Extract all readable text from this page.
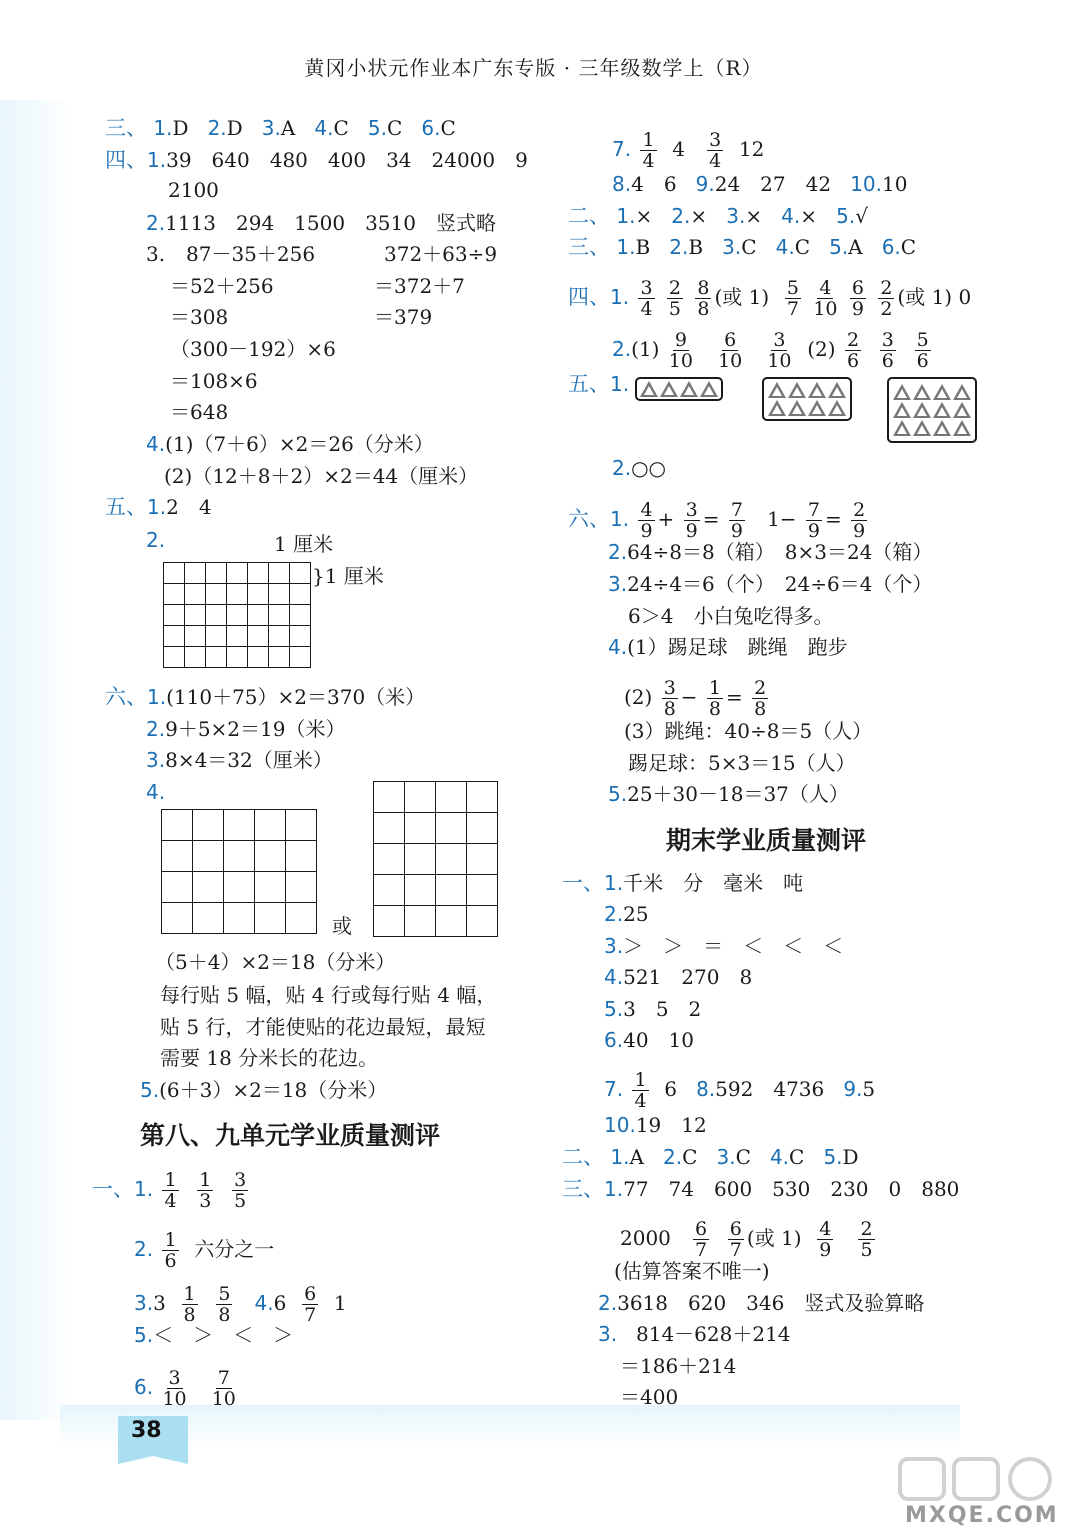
黄冈小状元作业本广东专版 · 三年级数学上（R）
三、 1.D 2.D 3.A 4.C 5.C 6.C
四、1.39　640　480　400　34　24000　9
2100
2.1113　294　1500　3510　竖式略
3. 87－35＋256
＝52＋256
＝308
372＋63÷9
＝372＋7
＝379
（300－192）×6
＝108×6
＝648
4.(1)（7＋6）×2＝26（分米）
(2)（12＋8＋2）×2＝44（厘米）
五、1.2　4
2.	1 厘米
}1 厘米
六、1.(110＋75）×2＝370（米）
2.9＋5×2＝19（米）
3.8×4＝32（厘米）
4.
或
（5＋4）×2＝18（分米）
每行贴 5 幅，贴 4 行或每行贴 4 幅，
贴 5 行，才能使贴的花边最短，最短
需要 18 分米长的花边。
5.(6＋3）×2＝18（分米）
第八、九单元学业质量测评
一、1. $\frac{1}{4}$
$\frac{1}{3}$
$\frac{3}{5}$
2. $\frac{1}{6}$ 六分之一
$3.3 \frac{1}{8}$
$\frac{5}{8} 4.6 \frac{6}{7} 1$
5.＜　＞　＜　＞
6. $\frac{3}{10}$
$\frac{7}{10}$
7. $\frac{1}{4} 4 \frac{3}{4} 12$
8.4　6 9.24　27　42 10.10
二、 1.× 2.× 3.× 4.× 5.√
三、 1.B 2.B 3.C 4.C 5.A 6.C
四、1. $\frac{3}{4}$
$\frac{2}{5}$
$\frac{8}{8}$ (或 $1) \frac{5}{7}$
$\frac{4}{10}$
$\frac{6}{9}$
$\frac{2}{2}$ (或 1) 0
$2.(1) \frac{9}{10}$
$\frac{6}{10}$
$\frac{3}{10} (2) \frac{2}{6}$
$\frac{3}{6}$
$\frac{5}{6}$
五、1.
2.○○
六、1. $\frac{4}{9} + \frac{3}{9} = \frac{7}{9} 1- \frac{7}{9} = \frac{2}{9}$
2.64÷8＝8（箱）　8×3＝24（箱）
3.24÷4＝6（个）　24÷6＝4（个）
6＞4　小白兔吃得多。
4.(1）踢足球　跳绳　跑步
$(2) \frac{3}{8} - \frac{1}{8} = \frac{2}{8}$
(3）跳绳：40÷8＝5（人）
踢足球：5×3＝15（人）
5.25＋30－18＝37（人）
期末学业质量测评
一、1.千米　分　毫米　吨
2.25
3.＞　＞　＝　＜　＜　＜
4.521　270　8
5.3　5　2
6.40　10
7. $\frac{1}{4} 6$ 8.592　4736 9.5
10.19　12
二、 1.A 2.C 3.C 4.C 5.D
三、1.77　74　600　530　230　0　880
$2000 \frac{6}{7}$
$\frac{6}{7}$ (或 $1) \frac{4}{9}$
$\frac{2}{5}$
(估算答案不唯一)
2.3618　620　346　竖式及验算略
3. 814－628＋214
＝186＋214
＝400
38
MXQE.COM
